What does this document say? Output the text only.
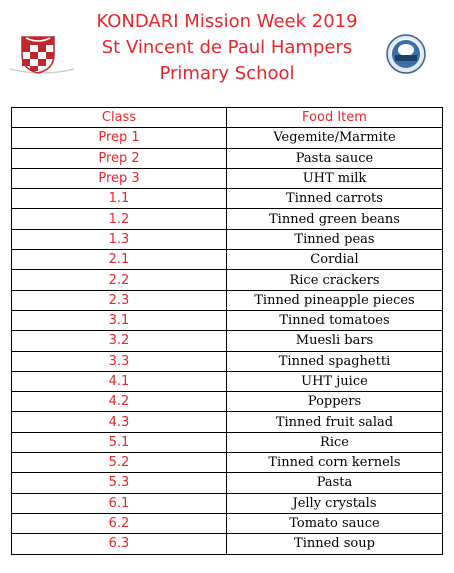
KONDARI Mission Week 2019
St Vincent de Paul Hampers
Primary School
Class	Food Item
Prep 1	Vegemite/Marmite
Prep 2	Pasta sauce
Prep 3	UHT milk
1.1	Tinned carrots
1.2	Tinned green beans
1.3	Tinned peas
2.1	Cordial
2.2	Rice crackers
2.3	Tinned pineapple pieces
3.1	Tinned tomatoes
3.2	Muesli bars
3.3	Tinned spaghetti
4.1	UHT juice
4.2	Poppers
4.3	Tinned fruit salad
5.1	Rice
5.2	Tinned corn kernels
5.3	Pasta
6.1	Jelly crystals
6.2	Tomato sauce
6.3	Tinned soup
